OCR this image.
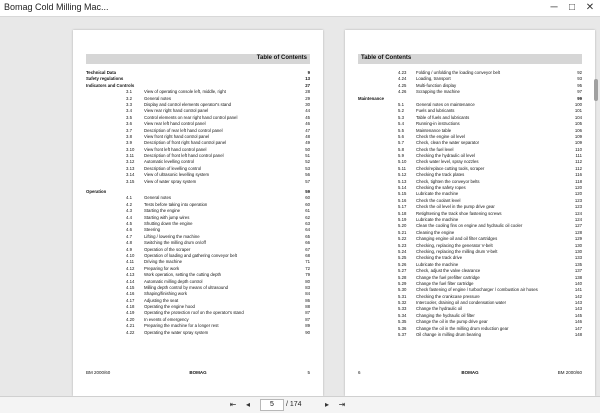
Bomag Cold Milling Mac...	─ □ ✕
Table of Contents
Technical Data	9
Safety regulations	13
Indicators and Controls	27
3.1	View of operating console left, middle, right	28
3.2	General notes	29
3.3	Display and control elements operator's stand	30
3.4	View rear right hand control panel	44
3.5	Control elements on rear right hand control panel	45
3.6	View rear left hand control panel	46
3.7	Description of rear left hand control panel	47
3.8	View front right hand control panel	48
3.9	Description of front right hand control panel	49
3.10 View front left hand control panel	50
3.11 Description of front left hand control panel	51
3.12 Automatic levelling control	52
3.13 Description of levelling control	53
3.14 View of ultrasonic levelling system	56
3.15 View of water spray system	57
Operation	59
4.1	General notes	60
4.2	Tests before taking into operation	60
4.3	Starting the engine	61
4.4	Starting with jump wires	62
4.5	Shutting down the engine	63
4.6	Steering	64
4.7	Lifting / lowering the machine	65
4.8	Switching the milling drum on/off	66
4.9	Operation of the scraper	67
4.10 Operation of loading and gathering conveyor belt	68
4.11 Driving the machine	71
4.12 Preparing for work	72
4.13 Work operation, setting the cutting depth	79
4.14 Automatic milling depth control	80
4.15 Milling depth control by means of ultrasound	83
4.16 Shaping/finishing work	84
4.17 Adjusting the seat	86
4.18 Operating the engine hood	88
4.19 Operating the protection roof on the operator's stand	87
4.20 In events of emergency	87
4.21 Preparing the machine for a longer rest	89
4.22 Operating the water spray system	90
BM 2000/60	BOMAG	5
Table of Contents
4.23 Folding / unfolding the loading conveyor belt	92
4.24 Loading, transport	93
4.25 Multi-function display	95
4.26 Scrapping the machine	97
Maintenance	99
5.1	General notes on maintenance	100
5.2	Fuels and lubricants	101
5.3	Table of fuels and lubricants	104
5.4	Running-in instructions	105
5.5	Maintenance table	106
5.6	Check the engine oil level	109
5.7	Check, clean the water separator	109
5.8	Check the fuel level	110
5.9	Checking the hydraulic oil level	111
5.10 Check water level, spray nozzles	112
5.11 Check/replace cutting tools, scraper	112
5.12 Checking the track plates	116
5.13 Check, tighten the conveyor belts	118
5.14 Checking the safety ropes	120
5.15 Lubricate the machine	120
5.16 Check the coolant level	123
5.17 Check the oil level in the pump drive gear	123
5.18 Retightening the track shoe fastening screws	124
5.19 Lubricate the machine	124
5.20 Clean the cooling fins on engine and hydraulic oil cooler	127
5.21 Cleaning the engine	128
5.22 Changing engine oil and oil filter cartridges	129
5.23 Checking, replacing the generator V-belt	130
5.24 Checking, replacing the milling drum V-belt	130
5.25 Checking the track drive	133
5.26 Lubricate the machine	135
5.27 Check, adjust the valve clearance	137
5.28 Change the fuel prefilter cartridge	138
5.29 Change the fuel filter cartridge	140
5.30 Check fastening of engine / turbocharger / combustion air hoses	141
5.31 Checking the crankcase pressure	142
5.32 Intercooler, draining oil and condensation water	143
5.33 Change the hydraulic oil	143
5.34 Changing the hydraulic oil filter	145
5.35 Change the oil in the pump drive gear	146
5.36 Change the oil in the milling drum reduction gear	147
5.37 Oil change in milling drum bearing	148
6	BOMAG	BM 2000/60
⇤	◂	5	/ 174	▸	⇥
